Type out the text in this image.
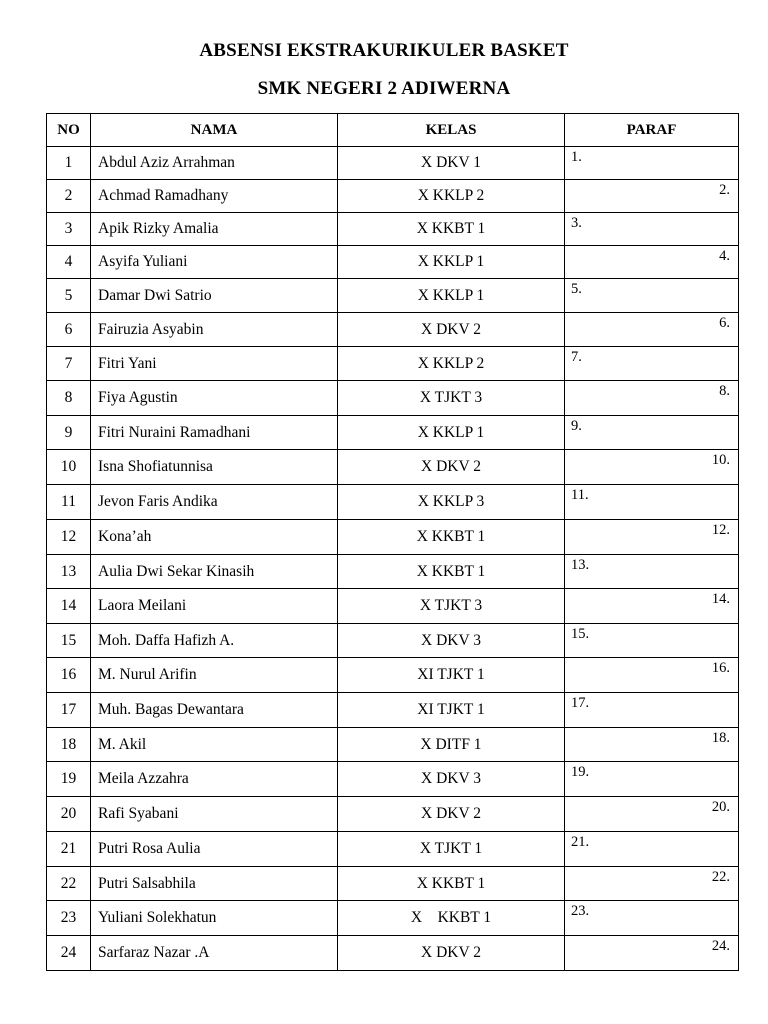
ABSENSI EKSTRAKURIKULER BASKET
SMK NEGERI 2 ADIWERNA
NO	NAMA	KELAS	PARAF
1	Abdul Aziz Arrahman	X DKV 1	1.

2	Achmad Ramadhany	X KKLP 2	2.

3	Apik Rizky Amalia	X KKBT 1	3.

4	Asyifa Yuliani	X KKLP 1	4.

5	Damar Dwi Satrio	X KKLP 1	5.

6	Fairuzia Asyabin	X DKV 2	6.

7	Fitri Yani	X KKLP 2	7.

8	Fiya Agustin	X TJKT 3	8.

9	Fitri Nuraini Ramadhani	X KKLP 1	9.

10	Isna Shofiatunnisa	X DKV 2	10.

11	Jevon Faris Andika	X KKLP 3	11.

12	Kona’ah	X KKBT 1	12.

13	Aulia Dwi Sekar Kinasih	X KKBT 1	13.

14	Laora Meilani	X TJKT 3	14.

15	Moh. Daffa Hafizh A.	X DKV 3	15.

16	M. Nurul Arifin	XI TJKT 1	16.

17	Muh. Bagas Dewantara	XI TJKT 1	17.

18	M. Akil	X DITF 1	18.

19	Meila Azzahra	X DKV 3	19.

20	Rafi Syabani	X DKV 2	20.

21	Putri Rosa Aulia	X TJKT 1	21.

22	Putri Salsabhila	X KKBT 1	22.

23	Yuliani Solekhatun	X    KKBT 1	23.

24	Sarfaraz Nazar .A	X DKV 2	24.
